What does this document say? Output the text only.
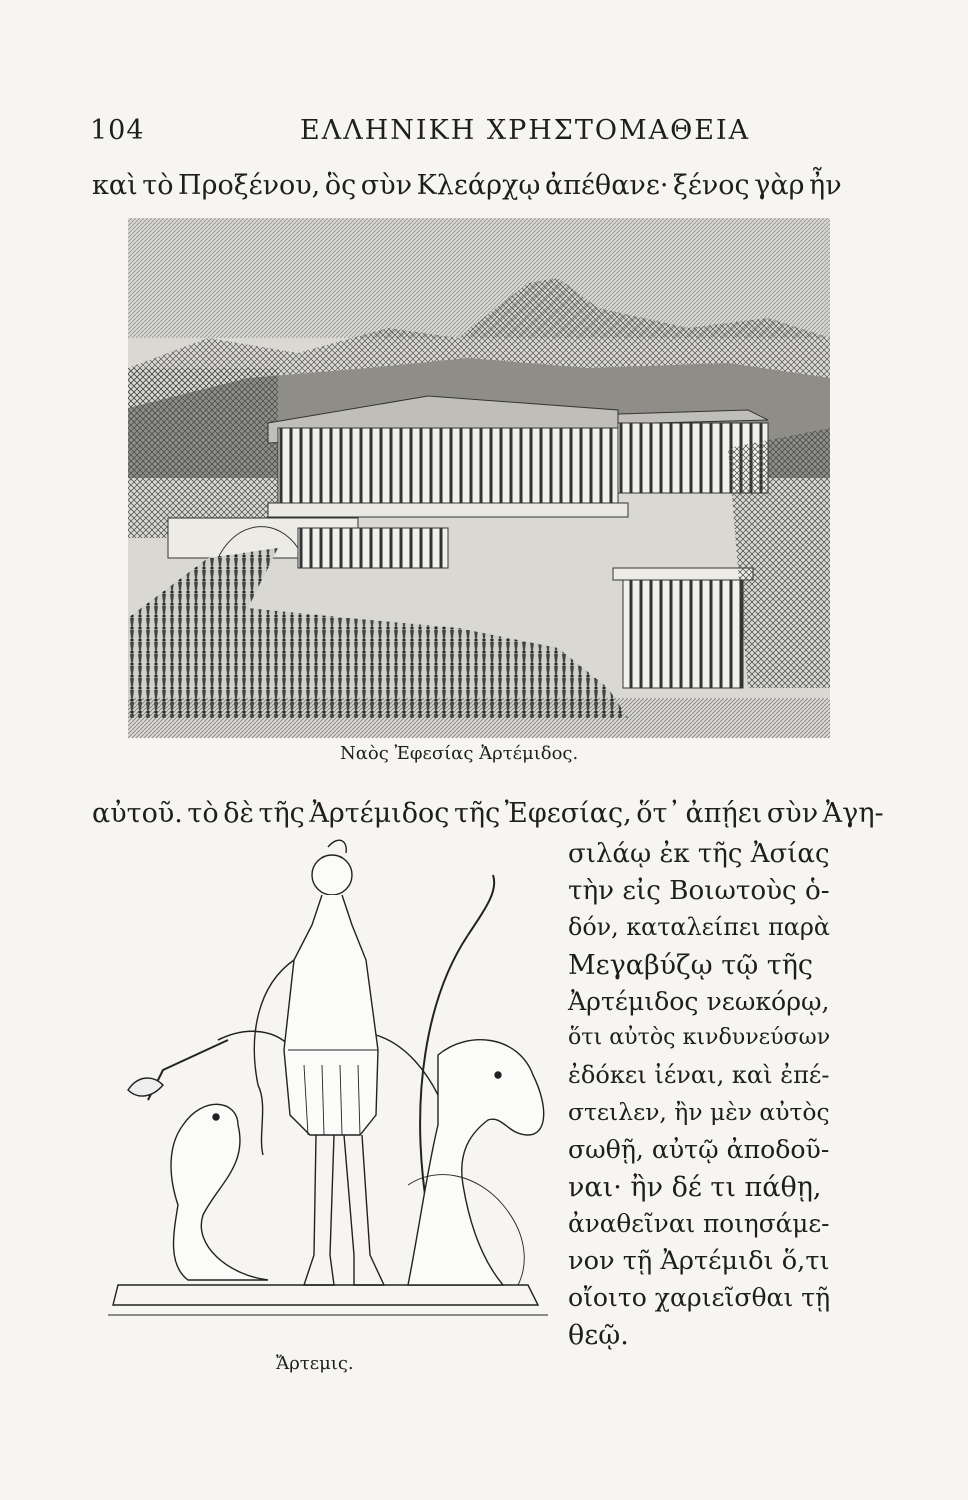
104	ΕΛΛΗΝΙΚΗ ΧΡΗΣΤΟΜΑΘΕΙΑ
καὶ τὸ Προξένου, ὃς σὺν Κλεάρχῳ ἀπέθανε· ξένος γὰρ ἦν
Ναὸς Ἐφεσίας Ἀρτέμιδος.
αὐτοῦ. τὸ δὲ τῆς Ἀρτέμιδος τῆς Ἐφεσίας, ὅτ᾽ ἀπῄει σὺν Ἀγη-
Ἄρτεμις.
σιλάῳ ἐκ τῆς Ἀσίας
τὴν εἰς Βοιωτοὺς ὁ-
δόν, καταλείπει παρὰ
Μεγαβύζῳ τῷ τῆς
Ἀρτέμιδος νεωκόρῳ,
ὅτι αὐτὸς κινδυνεύσων
ἐδόκει ἰέναι, καὶ ἐπέ-
στειλεν, ἢν μὲν αὐτὸς
σωθῇ, αὐτῷ ἀποδοῦ-
ναι· ἢν δέ τι πάθῃ,
ἀναθεῖναι ποιησάμε-
νον τῇ Ἀρτέμιδι ὅ,τι
οἴοιτο χαριεῖσθαι τῇ
θεῷ.
